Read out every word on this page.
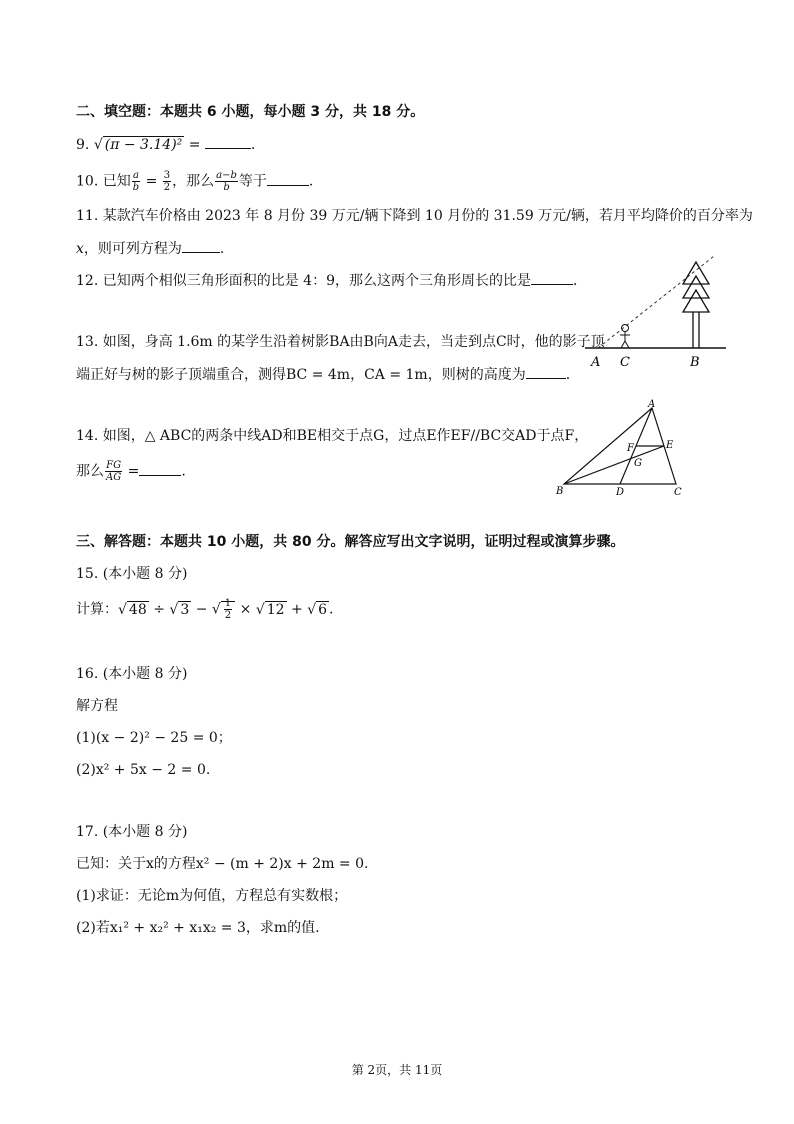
二、填空题：本题共 6 小题，每小题 3 分，共 18 分。
9. √ (π − 3.14)² =	.
10. 已知 $\frac{a}{b} = \frac{3}{2}$ ，那么 $\frac{a-b}{b}$ 等于	.
11. 某款汽车价格由 2023 年 8 月份 39 万元/辆下降到 10 月份的 31.59 万元/辆，若月平均降价的百分率为
x，则可列方程为	.
12. 已知两个相似三角形面积的比是 4：9，那么这两个三角形周长的比是	.
13. 如图，身高 1.6m 的某学生沿着树影BA由B向A走去，当走到点C时，他的影子顶
端正好与树的影子顶端重合，测得BC = 4m，CA = 1m，则树的高度为	.
A C	B
14. 如图，△ ABC的两条中线AD和BE相交于点G，过点E作EF//BC交AD于点F，
那么 $\frac{FG}{AG}$ =	.
A
B	C
D
E
F
G
三、解答题：本题共 10 小题，共 80 分。解答应写出文字说明，证明过程或演算步骤。
15. (本小题 8 分)
计算：√ 48 ÷ √ 3 − √ $\frac{1}{2}$ × √ 12 + √ 6 .
16. (本小题 8 分)
解方程
(1)(x − 2)² − 25 = 0；
(2)x² + 5x − 2 = 0.
17. (本小题 8 分)
已知：关于x的方程x² − (m + 2)x + 2m = 0.
(1)求证：无论m为何值，方程总有实数根；
(2)若x₁² + x₂² + x₁x₂ = 3，求m的值.
第 2页，共 11页
